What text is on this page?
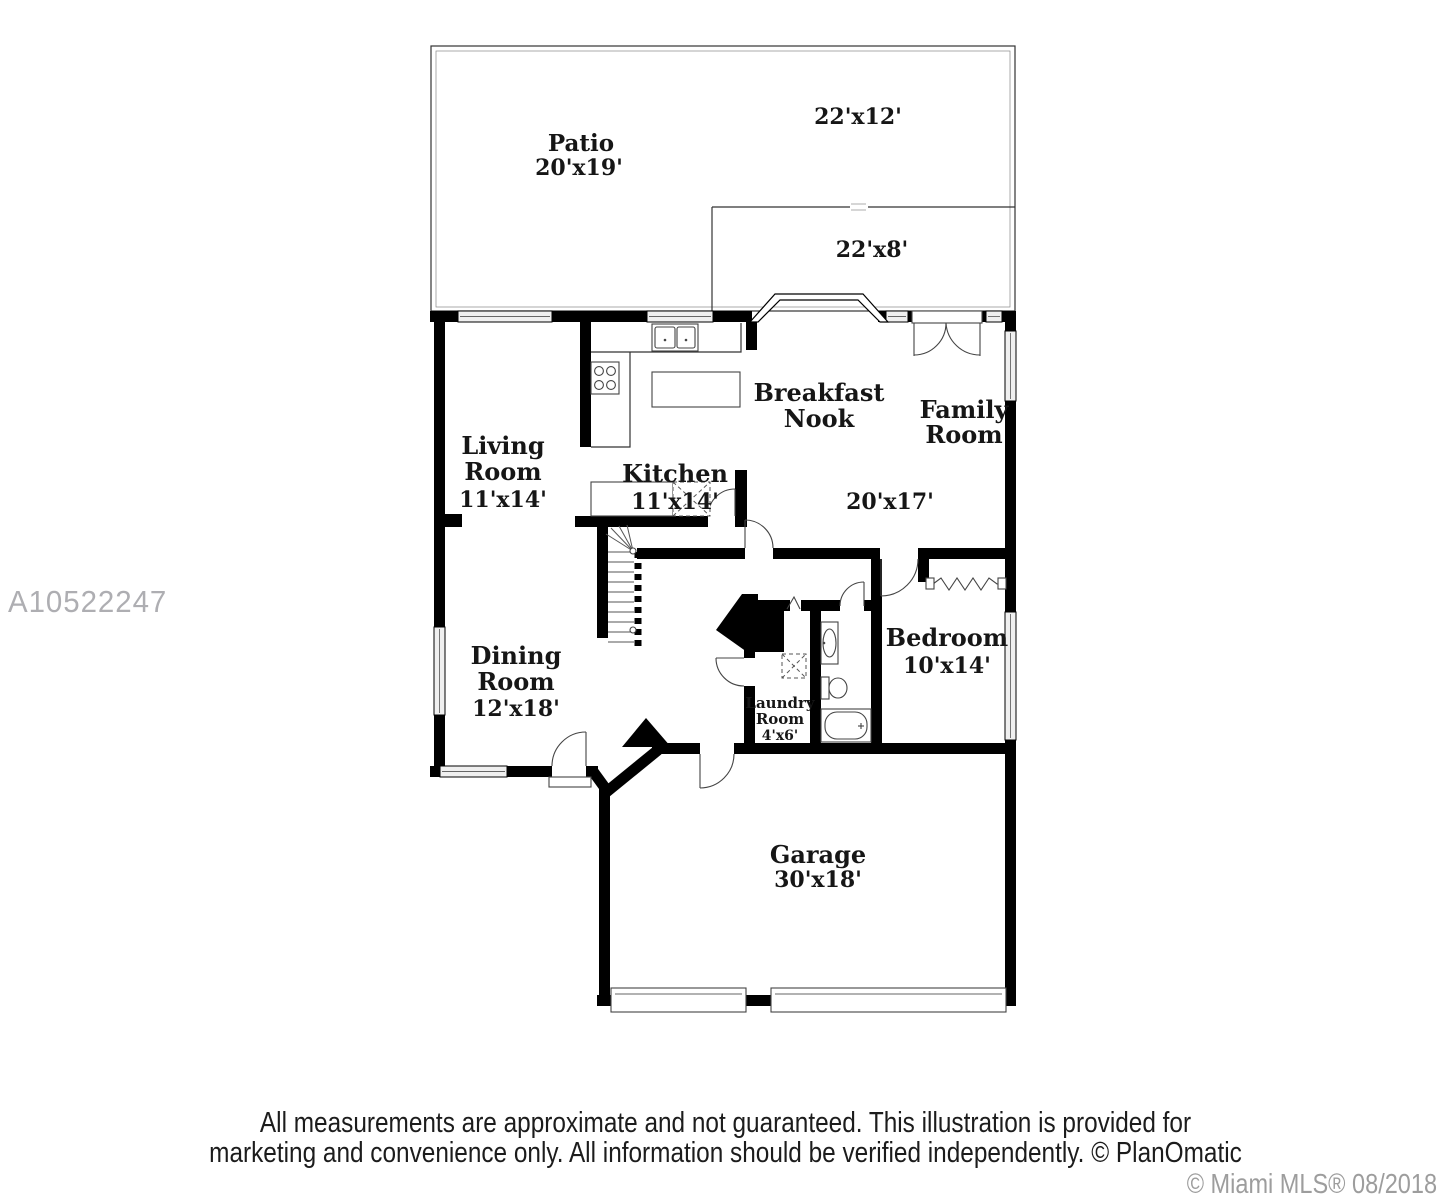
A10522247
Patio
20'x19'
22'x12'
22'x8'
Living
Room
11'x14'
Kitchen
11'x14'
Breakfast
Nook	Family
Room
20'x17'
Dining
Room
12'x18'
Bedroom
10'x14'
Laundry
Room
4'x6'
Garage
30'x18'
All measurements are approximate and not guaranteed. This illustration is provided for
marketing and convenience only. All information should be verified independently. © PlanOmatic
© Miami MLS® 08/2018
